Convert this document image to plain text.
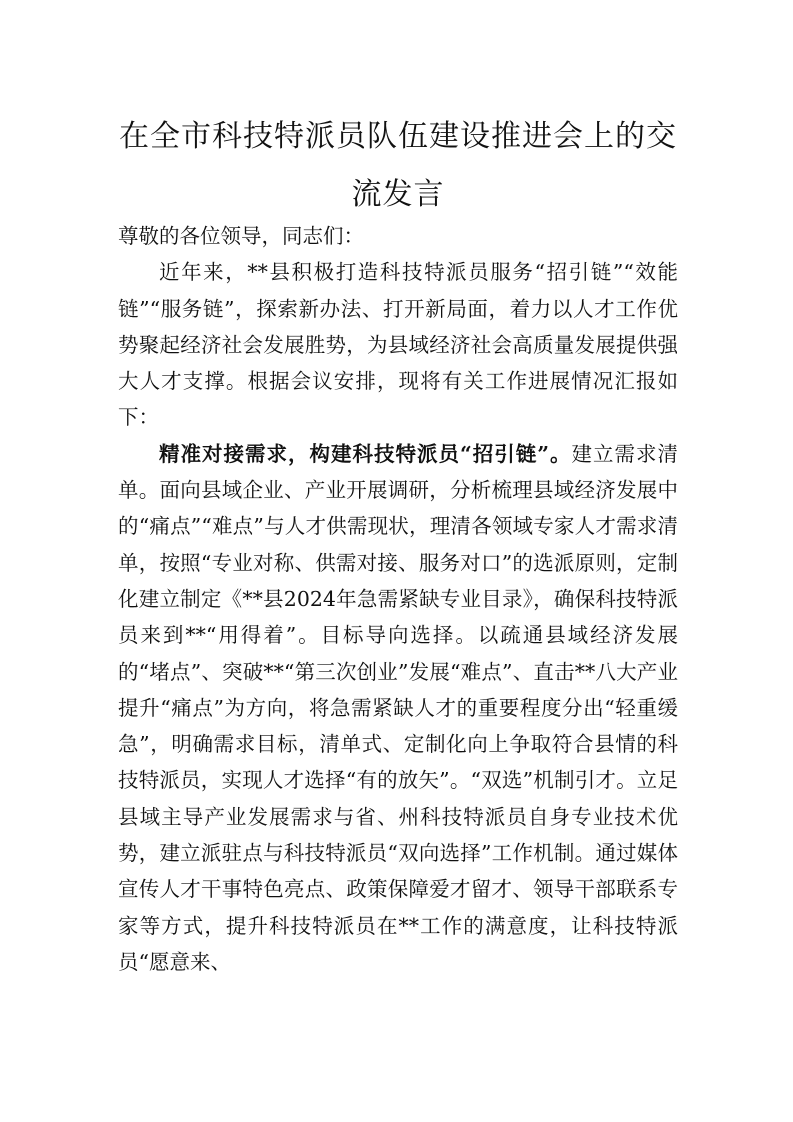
在全市科技特派员队伍建设推进会上的交流发言

尊敬的各位领导，同志们：

近年来，**县积极打造科技特派员服务“招引链”“效能链”“服务链”，探索新办法、打开新局面，着力以人才工作优势聚起经济社会发展胜势，为县域经济社会高质量发展提供强大人才支撑。根据会议安排，现将有关工作进展情况汇报如下：

精准对接需求，构建科技特派员“招引链”。建立需求清单。面向县域企业、产业开展调研，分析梳理县域经济发展中的“痛点”“难点”与人才供需现状，理清各领域专家人才需求清单，按照“专业对称、供需对接、服务对口”的选派原则，定制化建立制定《**县2024年急需紧缺专业目录》，确保科技特派员来到**“用得着”。目标导向选择。以疏通县域经济发展的“堵点”、突破**“第三次创业”发展“难点”、直击**八大产业提升“痛点”为方向，将急需紧缺人才的重要程度分出“轻重缓急”，明确需求目标，清单式、定制化向上争取符合县情的科技特派员，实现人才选择“有的放矢”。“双选”机制引才。立足县域主导产业发展需求与省、州科技特派员自身专业技术优势，建立派驻点与科技特派员“双向选择”工作机制。通过媒体宣传人才干事特色亮点、政策保障爱才留才、领导干部联系专家等方式，提升科技特派员在**工作的满意度，让科技特派员“愿意来、
